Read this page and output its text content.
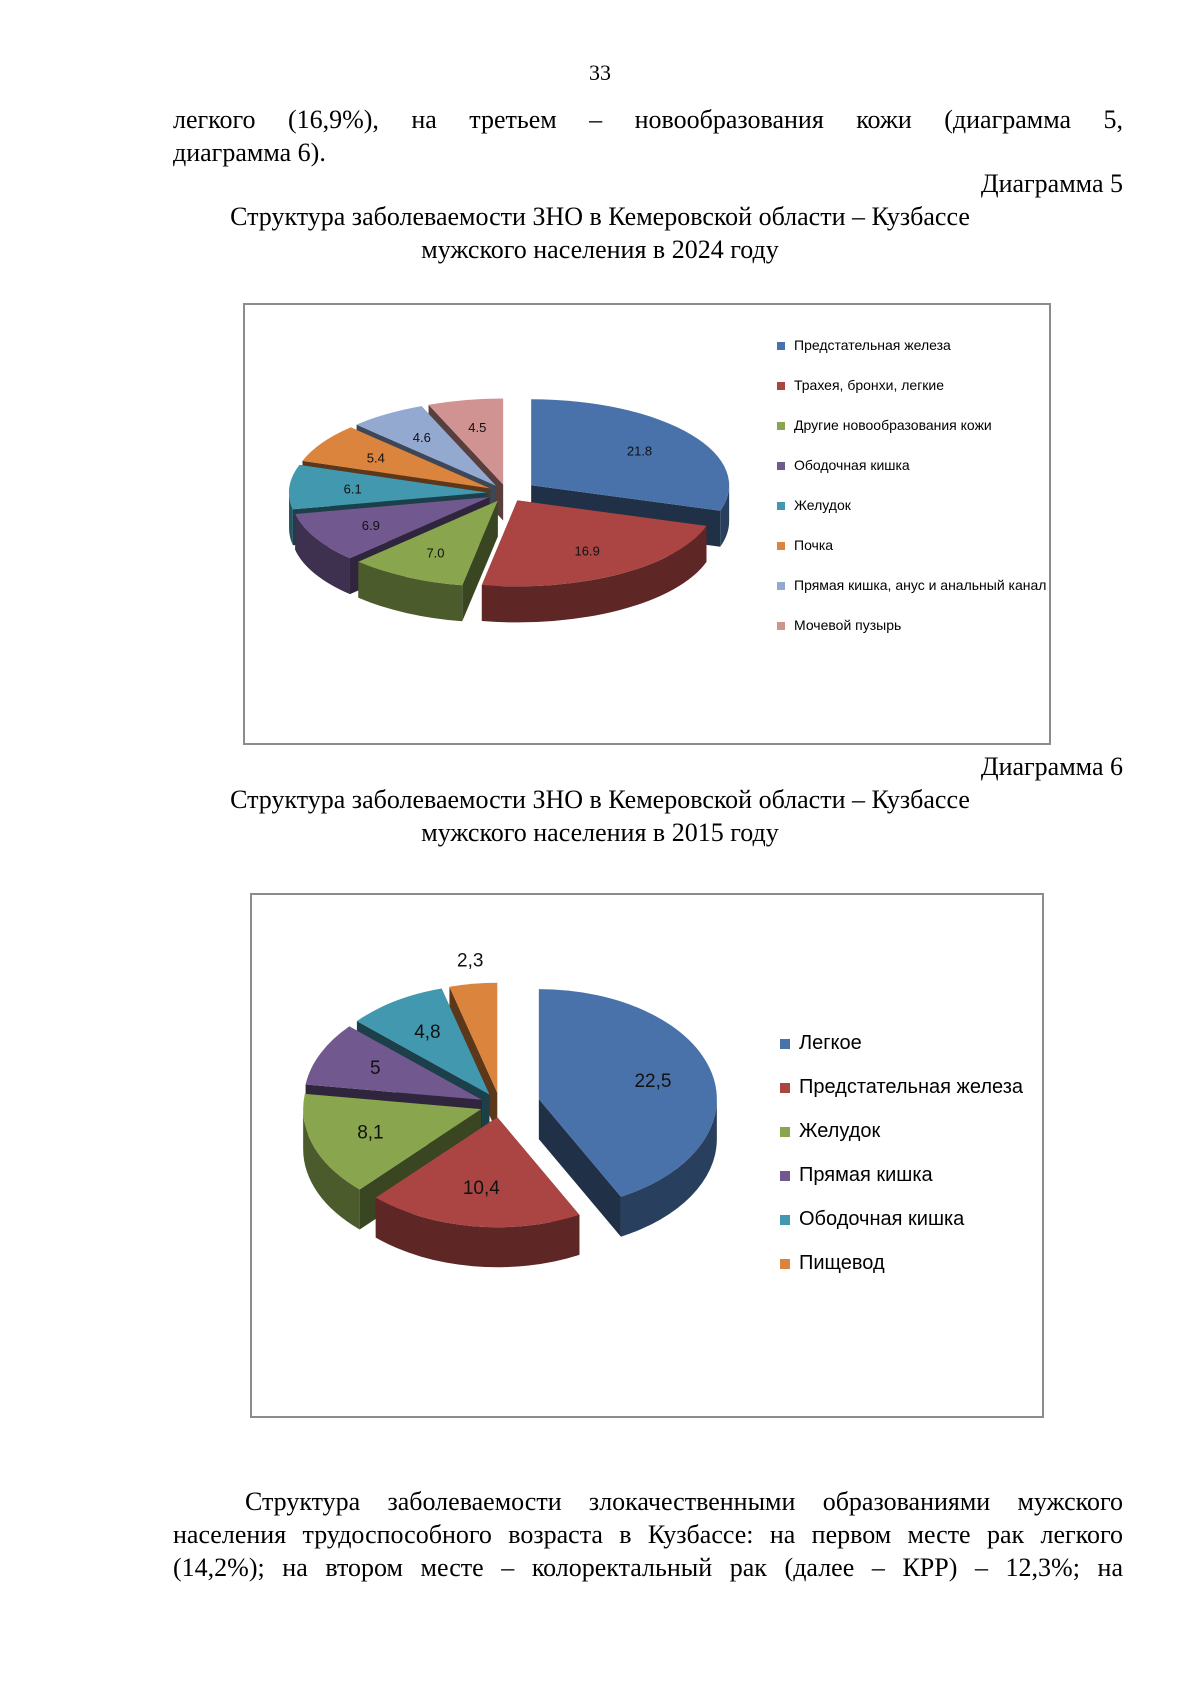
33

легкого (16,9%), на третьем – новообразования кожи (диаграмма 5,

диаграмма 6).

Диаграмма 5
Структура заболеваемости ЗНО в Кемеровской области – Кузбассе
мужского населения в 2024 году
21.8
16.9
7.0
6.9
6.1
5.4
4.6
4.5
Предстательная железа
Трахея, бронхи, легкие
Другие новообразования кожи
Ободочная кишка
Желудок
Почка
Прямая кишка, анус и анальный канал
Мочевой пузырь
Диаграмма 6
Структура заболеваемости ЗНО в Кемеровской области – Кузбассе
мужского населения в 2015 году
22,5
10,4
8,1
5
4,8
2,3
Легкое
Предстательная железа
Желудок
Прямая кишка
Ободочная кишка
Пищевод

Структура заболеваемости злокачественными образованиями мужского

населения трудоспособного возраста в Кузбассе: на первом месте рак легкого

(14,2%); на втором месте – колоректальный рак (далее – КРР) – 12,3%; на
